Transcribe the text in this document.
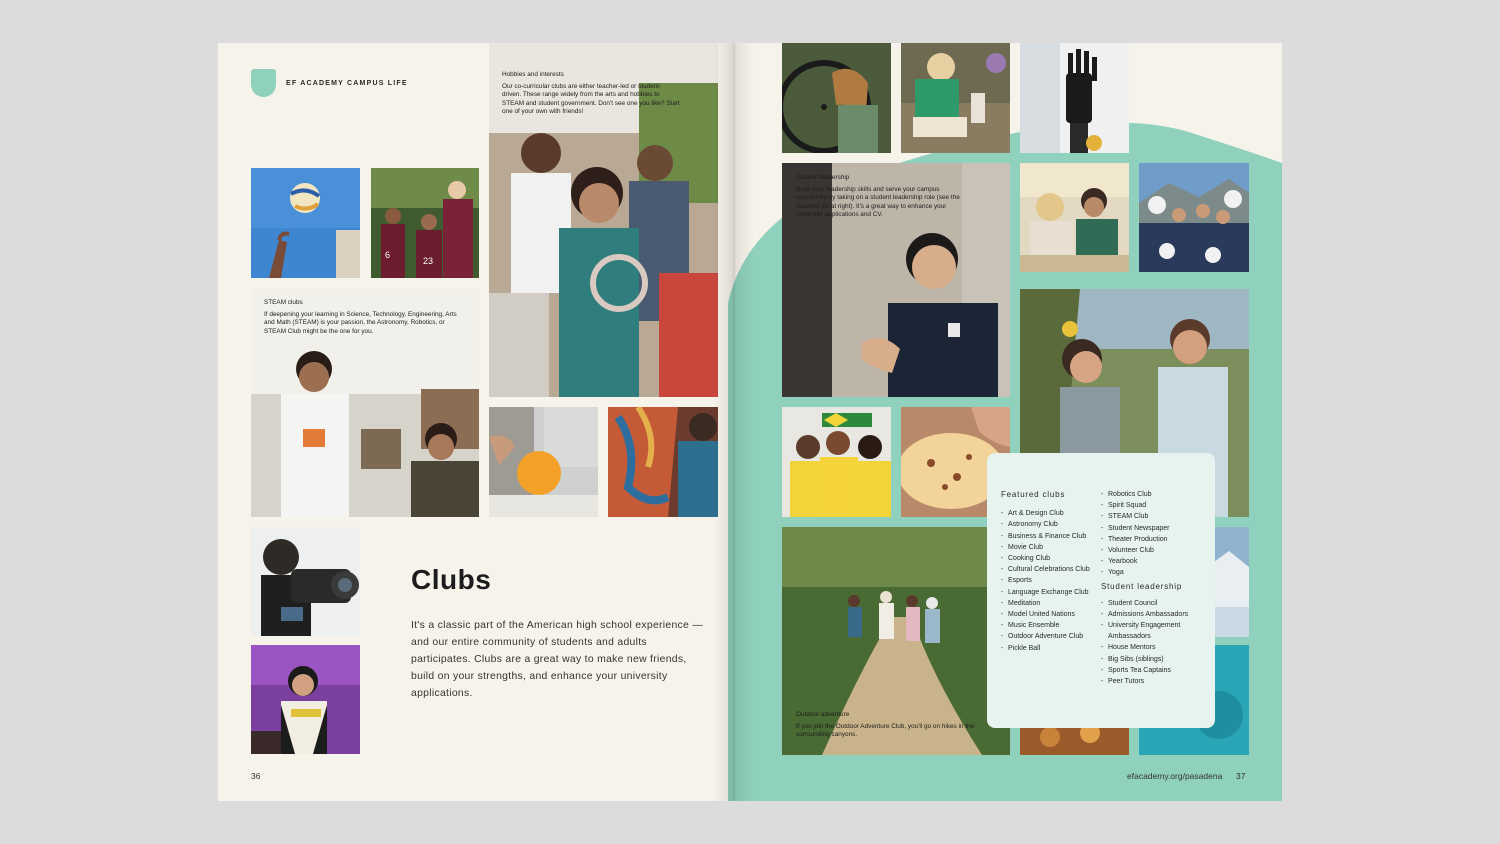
EF ACADEMY CAMPUS LIFE
6
23
Hobbies and interests
Our co-curricular clubs are either teacher-led or student-driven. These range widely from the arts and hobbies to STEAM and student government. Don't see one you like? Start one of your own with friends!
STEAM clubs
If deepening your learning in Science, Technology, Engineering, Arts and Math (STEAM) is your passion, the Astronomy, Robotics, or STEAM Club might be the one for you.
Clubs
It's a classic part of the American high school experience — and our entire community of students and adults participates. Clubs are a great way to make new friends, build on your strengths, and enhance your university applications.
36
Student leadership
Build your leadership skills and serve your campus community by taking on a student leadership role (see the featured list at right). It's a great way to enhance your university applications and CV.
Outdoor adventure
If you join the Outdoor Adventure Club, you'll go on hikes in the surrounding canyons.
efacademy.org/pasadena 37
Featured clubs
- Art & Design Club
- Astronomy Club
- Business & Finance Club
- Movie Club
- Cooking Club
- Cultural Celebrations Club
- Esports
- Language Exchange Club
- Meditation
- Model United Nations
- Music Ensemble
- Outdoor Adventure Club
- Pickle Ball
- Robotics Club
- Spirit Squad
- STEAM Club
- Student Newspaper
- Theater Production
- Volunteer Club
- Yearbook
- Yoga
Student leadership
- Student Council
- Admissions Ambassadors
- University Engagement Ambassadors
- House Mentors
- Big Sibs (siblings)
- Sports Tea Captains
- Peer Tutors
